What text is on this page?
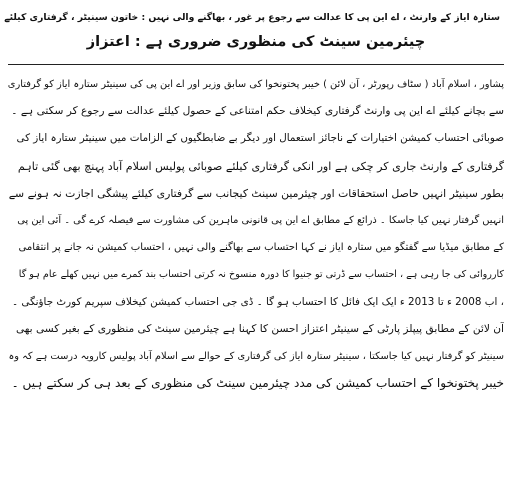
ستارہ ایاز کے وارنٹ ، اے این پی کا عدالت سے رجوع پر غور ، بھاگنے والی نہیں : خاتون سینیٹر ، گرفتاری کیلئے
چیئرمین سینٹ کی منظوری ضروری ہے : اعتزاز
پشاور ، اسلام آباد ( سٹاف رپورٹر ، آن لائن ) خیبر پختونخوا کی سابق وزیر اور اے این پی کی سینیٹر ستارہ ایاز کو گرفتاری
سے بچانے کیلئے اے این پی وارنٹ گرفتاری کیخلاف حکم امتناعی کے حصول کیلئے عدالت سے رجوع کر سکتی ہے ۔
صوبائی احتساب کمیشن اختیارات کے ناجائز استعمال اور دیگر بے ضابطگیوں کے الزامات میں سینیٹر ستارہ ایاز کی
گرفتاری کے وارنٹ جاری کر چکی ہے اور انکی گرفتاری کیلئے صوبائی پولیس اسلام آباد پہنچ بھی گئی تاہم
بطور سینیٹر انہیں حاصل استحقاقات اور چیئرمین سینٹ کیجانب سے گرفتاری کیلئے پیشگی اجازت نہ ہونے سے
انہیں گرفتار نہیں کیا جاسکا ۔ ذرائع کے مطابق اے این پی قانونی ماہرین کی مشاورت سے فیصلہ کرے گی ۔ آئی این پی
کے مطابق میڈیا سے گفتگو میں ستارہ ایاز نے کہا احتساب سے بھاگنے والی نہیں ، احتساب کمیشن نہ جانے پر انتقامی
کارروائی کی جا رہی ہے ، احتساب سے ڈرتی تو جنیوا کا دورہ منسوخ نہ کرتی احتساب بند کمرے میں نہیں کھلے عام ہو گا
، اب 2008 ء تا 2013 ء ایک ایک فائل کا احتساب ہو گا ۔ ڈی جی احتساب کمیشن کیخلاف سپریم کورٹ جاؤنگی ۔
آن لائن کے مطابق پیپلز پارٹی کے سینیٹر اعتزاز احسن کا کہنا ہے چیئرمین سینٹ کی منظوری کے بغیر کسی بھی
سینیٹر کو گرفتار نہیں کیا جاسکتا ، سینیٹر ستارہ ایاز کی گرفتاری کے حوالے سے اسلام آباد پولیس کارویہ درست ہے کہ وہ
خیبر پختونخوا کے احتساب کمیشن کی مدد چیئرمین سینٹ کی منظوری کے بعد ہی کر سکتے ہیں ۔
